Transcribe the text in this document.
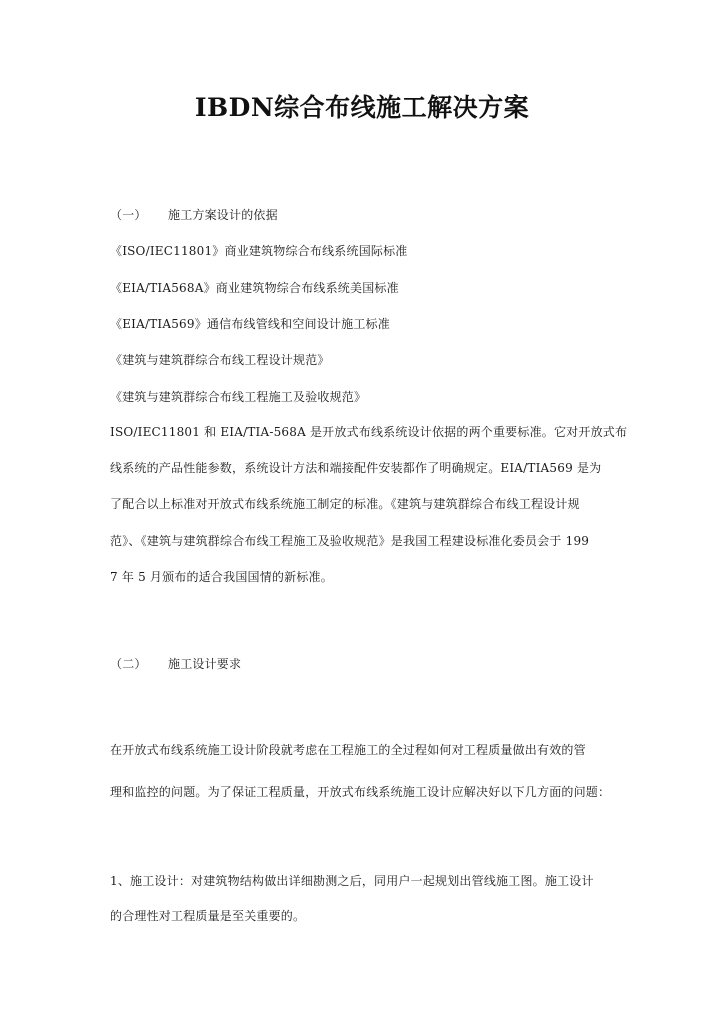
IBDN综合布线施工解决方案

（一） 施工方案设计的依据

《ISO/IEC11801》商业建筑物综合布线系统国际标准

《EIA/TIA568A》商业建筑物综合布线系统美国标准

《EIA/TIA569》通信布线管线和空间设计施工标准

《建筑与建筑群综合布线工程设计规范》

《建筑与建筑群综合布线工程施工及验收规范》

ISO/IEC11801 和 EIA/TIA-568A 是开放式布线系统设计依据的两个重要标准。它对开放式布

线系统的产品性能参数，系统设计方法和端接配件安装都作了明确规定。EIA/TIA569 是为

了配合以上标准对开放式布线系统施工制定的标准。《建筑与建筑群综合布线工程设计规

范》、《建筑与建筑群综合布线工程施工及验收规范》是我国工程建设标准化委员会于 199

7 年 5 月颁布的适合我国国情的新标准。

（二） 施工设计要求

在开放式布线系统施工设计阶段就考虑在工程施工的全过程如何对工程质量做出有效的管

理和监控的问题。为了保证工程质量，开放式布线系统施工设计应解决好以下几方面的问题：

1、施工设计：对建筑物结构做出详细勘测之后，同用户一起规划出管线施工图。施工设计

的合理性对工程质量是至关重要的。
